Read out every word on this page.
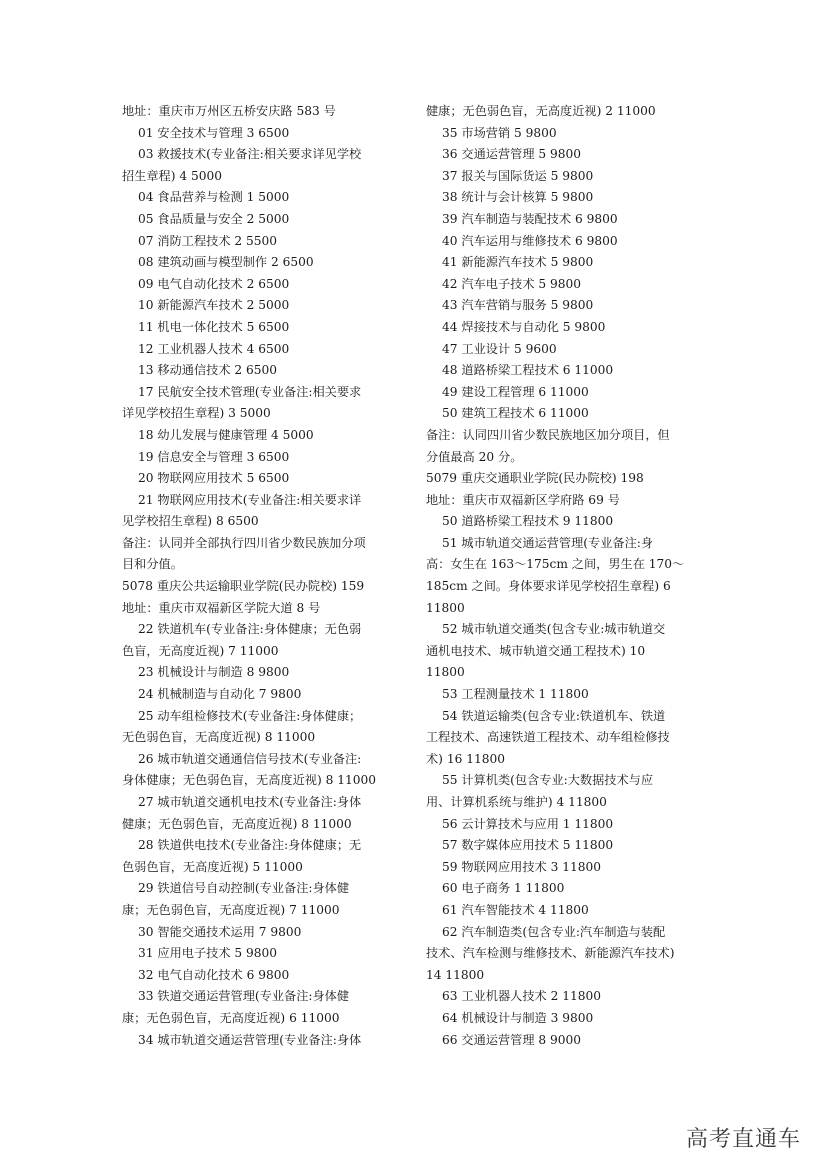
地址：重庆市万州区五桥安庆路 583 号
01 安全技术与管理 3 6500
03 救援技术(专业备注:相关要求详见学校
招生章程) 4 5000
04 食品营养与检测 1 5000
05 食品质量与安全 2 5000
07 消防工程技术 2 5500
08 建筑动画与模型制作 2 6500
09 电气自动化技术 2 6500
10 新能源汽车技术 2 5000
11 机电一体化技术 5 6500
12 工业机器人技术 4 6500
13 移动通信技术 2 6500
17 民航安全技术管理(专业备注:相关要求
详见学校招生章程) 3 5000
18 幼儿发展与健康管理 4 5000
19 信息安全与管理 3 6500
20 物联网应用技术 5 6500
21 物联网应用技术(专业备注:相关要求详
见学校招生章程) 8 6500
备注：认同并全部执行四川省少数民族加分项
目和分值。
5078 重庆公共运输职业学院(民办院校) 159
地址：重庆市双福新区学院大道 8 号
22 铁道机车(专业备注:身体健康；无色弱
色盲，无高度近视) 7 11000
23 机械设计与制造 8 9800
24 机械制造与自动化 7 9800
25 动车组检修技术(专业备注:身体健康；
无色弱色盲，无高度近视) 8 11000
26 城市轨道交通通信信号技术(专业备注:
身体健康；无色弱色盲，无高度近视) 8 11000
27 城市轨道交通机电技术(专业备注:身体
健康；无色弱色盲，无高度近视) 8 11000
28 铁道供电技术(专业备注:身体健康；无
色弱色盲，无高度近视) 5 11000
29 铁道信号自动控制(专业备注:身体健
康；无色弱色盲，无高度近视) 7 11000
30 智能交通技术运用 7 9800
31 应用电子技术 5 9800
32 电气自动化技术 6 9800
33 铁道交通运营管理(专业备注:身体健
康；无色弱色盲，无高度近视) 6 11000
34 城市轨道交通运营管理(专业备注:身体
健康；无色弱色盲，无高度近视) 2 11000
35 市场营销 5 9800
36 交通运营管理 5 9800
37 报关与国际货运 5 9800
38 统计与会计核算 5 9800
39 汽车制造与装配技术 6 9800
40 汽车运用与维修技术 6 9800
41 新能源汽车技术 5 9800
42 汽车电子技术 5 9800
43 汽车营销与服务 5 9800
44 焊接技术与自动化 5 9800
47 工业设计 5 9600
48 道路桥梁工程技术 6 11000
49 建设工程管理 6 11000
50 建筑工程技术 6 11000
备注：认同四川省少数民族地区加分项目，但
分值最高 20 分。
5079 重庆交通职业学院(民办院校) 198
地址：重庆市双福新区学府路 69 号
50 道路桥梁工程技术 9 11800
51 城市轨道交通运营管理(专业备注:身
高：女生在 163～175cm 之间，男生在 170～
185cm 之间。身体要求详见学校招生章程) 6
11800
52 城市轨道交通类(包含专业:城市轨道交
通机电技术、城市轨道交通工程技术) 10
11800
53 工程测量技术 1 11800
54 铁道运输类(包含专业:铁道机车、铁道
工程技术、高速铁道工程技术、动车组检修技
术) 16 11800
55 计算机类(包含专业:大数据技术与应
用、计算机系统与维护) 4 11800
56 云计算技术与应用 1 11800
57 数字媒体应用技术 5 11800
59 物联网应用技术 3 11800
60 电子商务 1 11800
61 汽车智能技术 4 11800
62 汽车制造类(包含专业:汽车制造与装配
技术、汽车检测与维修技术、新能源汽车技术)
14 11800
63 工业机器人技术 2 11800
64 机械设计与制造 3 9800
66 交通运营管理 8 9000
高考直通车
